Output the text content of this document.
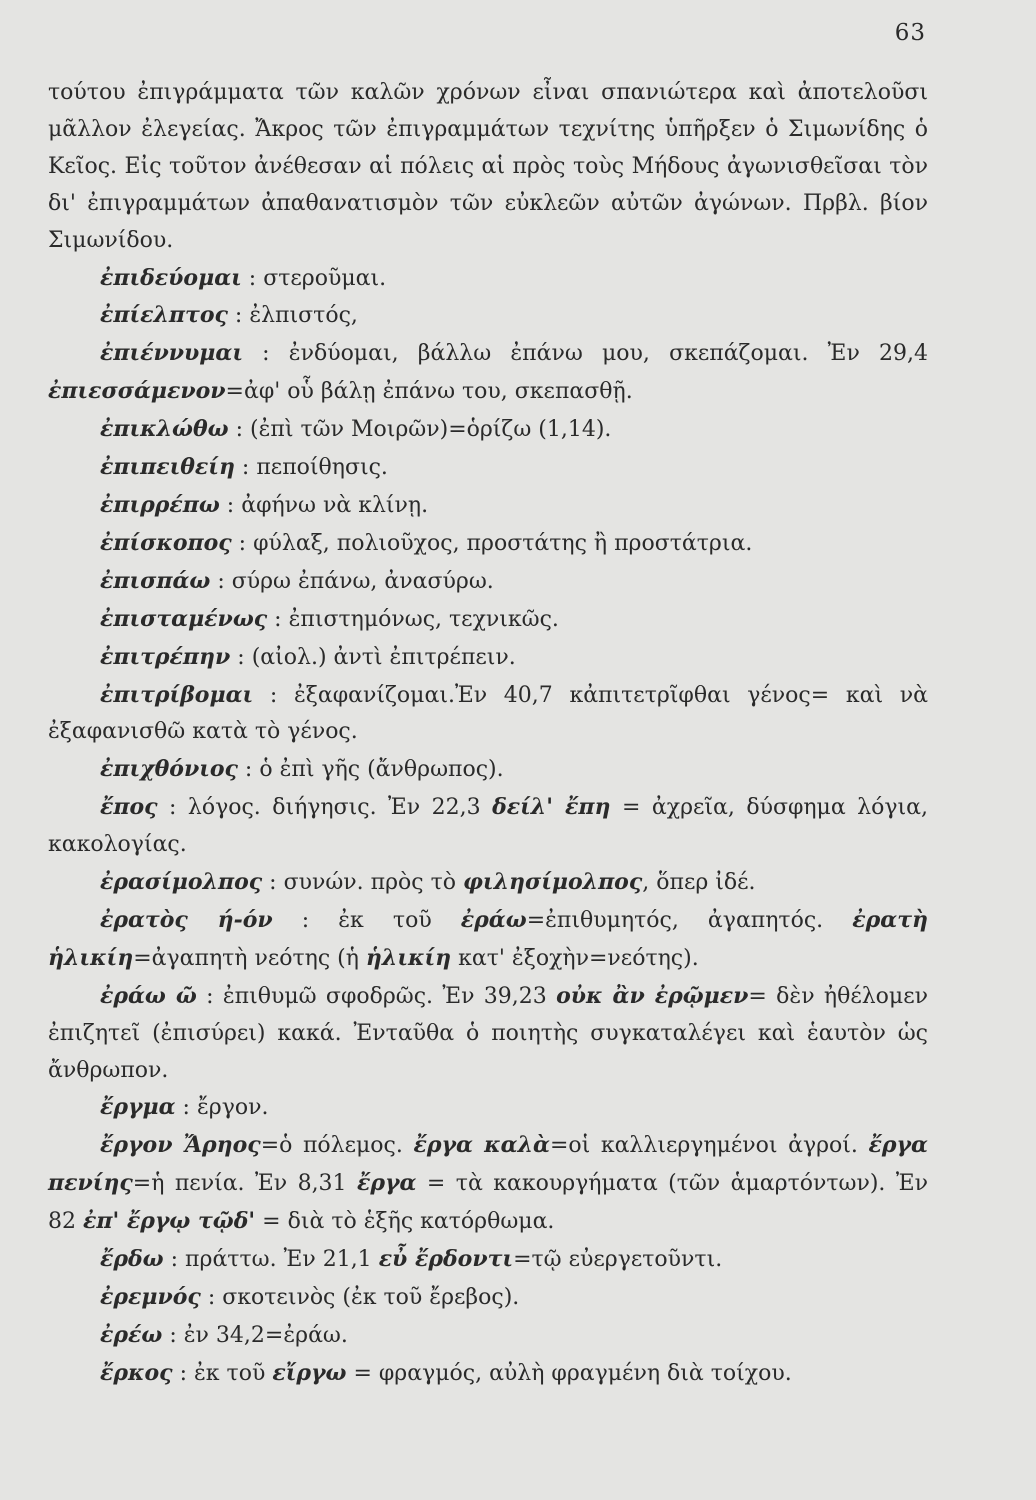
63

τούτου ἐπιγράμματα τῶν καλῶν χρόνων εἶναι σπανιώτερα καὶ ἀποτελοῦσι μᾶλλον ἐλεγείας. Ἄκρος τῶν ἐπιγραμμάτων τεχνίτης ὑπῆρξεν ὁ Σιμωνίδης ὁ Κεῖος. Εἰς τοῦτον ἀνέθεσαν αἱ πόλεις αἱ πρὸς τοὺς Μήδους ἀγωνισθεῖσαι τὸν δι' ἐπιγραμμάτων ἀπαθανατισμὸν τῶν εὐκλεῶν αὐτῶν ἀγώνων. Πρβλ. βίον Σιμωνίδου.

ἐπιδεύομαι : στεροῦμαι.

ἐπίελπτος : ἐλπιστός,

ἐπιέννυμαι : ἐνδύομαι, βάλλω ἐπάνω μου, σκεπάζομαι. Ἐν 29,4 ἐπιεσσάμενον=ἀφ' οὗ βάλῃ ἐπάνω του, σκεπασθῇ.

ἐπικλώθω : (ἐπὶ τῶν Μοιρῶν)=ὁρίζω (1,14).

ἐπιπειθείη : πεποίθησις.

ἐπιρρέπω : ἀφήνω νὰ κλίνῃ.

ἐπίσκοπος : φύλαξ, πολιοῦχος, προστάτης ἢ προστάτρια.

ἐπισπάω : σύρω ἐπάνω, ἀνασύρω.

ἐπισταμένως : ἐπιστημόνως, τεχνικῶς.

ἐπιτρέπην : (αἰολ.) ἀντὶ ἐπιτρέπειν.

ἐπιτρίβομαι : ἐξαφανίζομαι.Ἐν 40,7 κἀπιτετρῖφθαι γένος= καὶ νὰ ἐξαφανισθῶ κατὰ τὸ γένος.

ἐπιχθόνιος : ὁ ἐπὶ γῆς (ἄνθρωπος).

ἔπος : λόγος. διήγησις. Ἐν 22,3 δείλ' ἔπη = ἀχρεῖα, δύσφημα λόγια, κακολογίας.

ἐρασίμολπος : συνών. πρὸς τὸ φιλησίμολπος, ὅπερ ἰδέ.

ἐρατὸς ή-όν : ἐκ τοῦ ἐράω=ἐπιθυμητός, ἀγαπητός. ἐρατὴ ἡλικίη=ἀγαπητὴ νεότης (ἡ ἡλικίη κατ' ἐξοχὴν=νεότης).

ἐράω ῶ : ἐπιθυμῶ σφοδρῶς. Ἐν 39,23 οὐκ ἂν ἐρῷμεν= δὲν ἠθέλομεν ἐπιζητεῖ (ἐπισύρει) κακά. Ἐνταῦθα ὁ ποιητὴς συγκαταλέγει καὶ ἑαυτὸν ὡς ἄνθρωπον.

ἔργμα : ἔργον.

ἔργον Ἄρηος=ὁ πόλεμος. ἔργα καλὰ=οἱ καλλιεργημένοι ἀγροί. ἔργα πενίης=ἡ πενία. Ἐν 8,31 ἔργα = τὰ κακουργήματα (τῶν ἁμαρτόντων). Ἐν 82 ἐπ' ἔργῳ τῷδ' = διὰ τὸ ἑξῆς κατόρθωμα.

ἔρδω : πράττω. Ἐν 21,1 εὖ ἔρδοντι=τῷ εὐεργετοῦντι.

ἐρεμνός : σκοτεινὸς (ἐκ τοῦ ἔρεβος).

ἐρέω : ἐν 34,2=ἐράω.

ἔρκος : ἐκ τοῦ εἴργω = φραγμός, αὐλὴ φραγμένη διὰ τοίχου.
